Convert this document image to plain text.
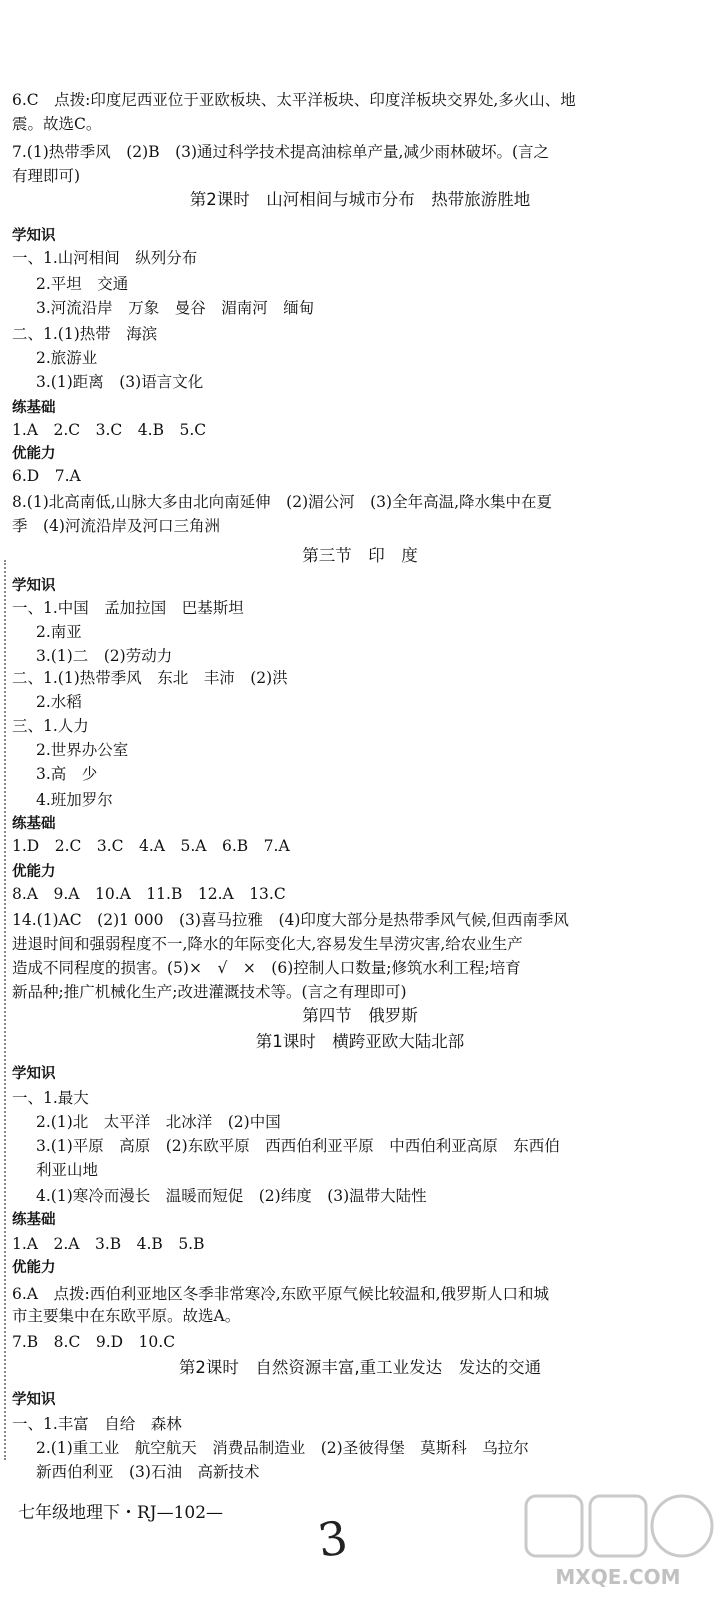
6.C　点拨:印度尼西亚位于亚欧板块、太平洋板块、印度洋板块交界处,多火山、地
震。故选C。
7.(1)热带季风　(2)B　(3)通过科学技术提高油棕单产量,减少雨林破坏。(言之
有理即可)
第2课时　山河相间与城市分布　热带旅游胜地
学知识
一、1.山河相间　纵列分布
2.平坦　交通
3.河流沿岸　万象　曼谷　湄南河　缅甸
二、1.(1)热带　海滨
2.旅游业
3.(1)距离　(3)语言文化
练基础
1.A　2.C　3.C　4.B　5.C
优能力
6.D　7.A
8.(1)北高南低,山脉大多由北向南延伸　(2)湄公河　(3)全年高温,降水集中在夏
季　(4)河流沿岸及河口三角洲
第三节　印　度
学知识
一、1.中国　孟加拉国　巴基斯坦
2.南亚
3.(1)二　(2)劳动力
二、1.(1)热带季风　东北　丰沛　(2)洪
2.水稻
三、1.人力
2.世界办公室
3.高　少
4.班加罗尔
练基础
1.D　2.C　3.C　4.A　5.A　6.B　7.A
优能力
8.A　9.A　10.A　11.B　12.A　13.C
14.(1)AC　(2)1 000　(3)喜马拉雅　(4)印度大部分是热带季风气候,但西南季风
进退时间和强弱程度不一,降水的年际变化大,容易发生旱涝灾害,给农业生产
造成不同程度的损害。(5)×　√　×　(6)控制人口数量;修筑水利工程;培育
新品种;推广机械化生产;改进灌溉技术等。(言之有理即可)
第四节　俄罗斯
第1课时　横跨亚欧大陆北部
学知识
一、1.最大
2.(1)北　太平洋　北冰洋　(2)中国
3.(1)平原　高原　(2)东欧平原　西西伯利亚平原　中西伯利亚高原　东西伯
利亚山地
4.(1)寒冷而漫长　温暖而短促　(2)纬度　(3)温带大陆性
练基础
1.A　2.A　3.B　4.B　5.B
优能力
6.A　点拨:西伯利亚地区冬季非常寒冷,东欧平原气候比较温和,俄罗斯人口和城
市主要集中在东欧平原。故选A。
7.B　8.C　9.D　10.C
第2课时　自然资源丰富,重工业发达　发达的交通
学知识
一、1.丰富　自给　森林
2.(1)重工业　航空航天　消费品制造业　(2)圣彼得堡　莫斯科　乌拉尔
新西伯利亚　(3)石油　高新技术
七年级地理下・RJ—102— 3
MXQE.COM
